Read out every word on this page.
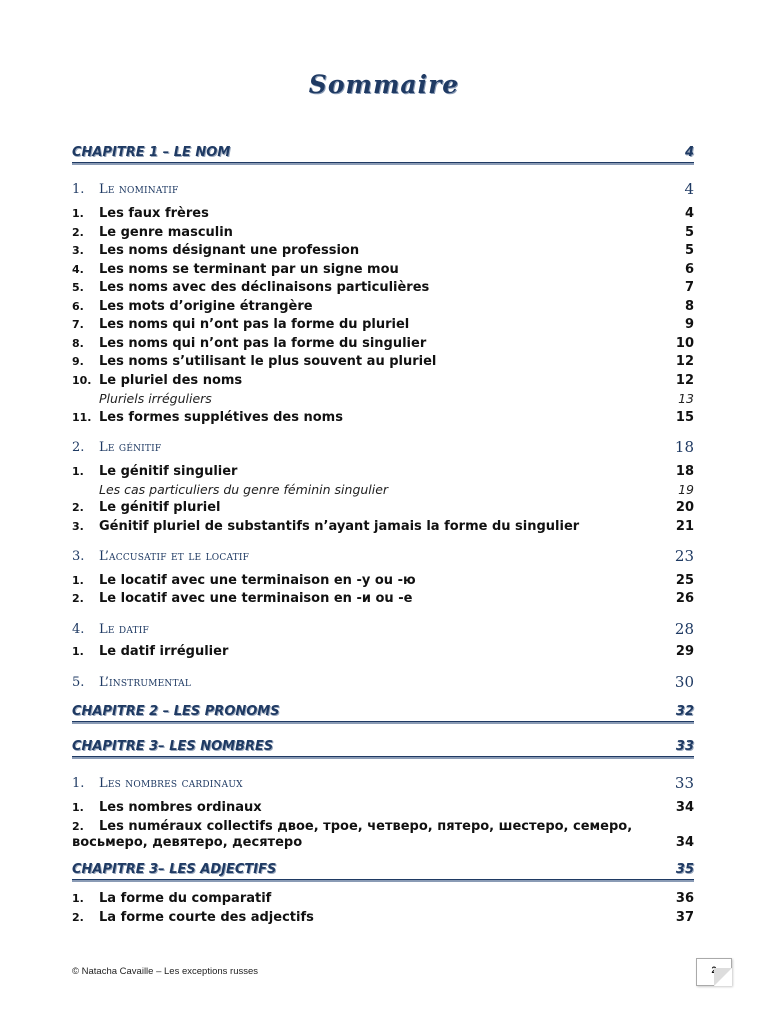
Sommaire
CHAPITRE 1 – LE NOM	4
1. Le nominatif	4
1. Les faux frères	4
2. Le genre masculin	5
3. Les noms désignant une profession	5
4. Les noms se terminant par un signe mou	6
5. Les noms avec des déclinaisons particulières	7
6. Les mots d’origine étrangère	8
7. Les noms qui n’ont pas la forme du pluriel	9
8. Les noms qui n’ont pas la forme du singulier	10
9. Les noms s’utilisant le plus souvent au pluriel	12
10. Le pluriel des noms	12
Pluriels irréguliers	13
11. Les formes supplétives des noms	15
2. Le génitif	18
1. Le génitif singulier	18
Les cas particuliers du genre féminin singulier	19
2. Le génitif pluriel	20
3. Génitif pluriel de substantifs n’ayant jamais la forme du singulier	21
3. L’accusatif et le locatif	23
1. Le locatif avec une terminaison en -у ou -ю	25
2. Le locatif avec une terminaison en -и ou -е	26
4. Le datif	28
1. Le datif irrégulier	29
5. L’instrumental	30
CHAPITRE 2 – LES PRONOMS	32
CHAPITRE 3– LES NOMBRES	33
1. Les nombres cardinaux	33
1. Les nombres ordinaux	34
2. Les numéraux collectifs двое, трое, четверо, пятеро, шестеро, семеро,
восьмеро, девятеро, десятеро	34
CHAPITRE 3– LES ADJECTIFS	35
1. La forme du comparatif	36
2. La forme courte des adjectifs	37
© Natacha Cavaille – Les exceptions russes	2
